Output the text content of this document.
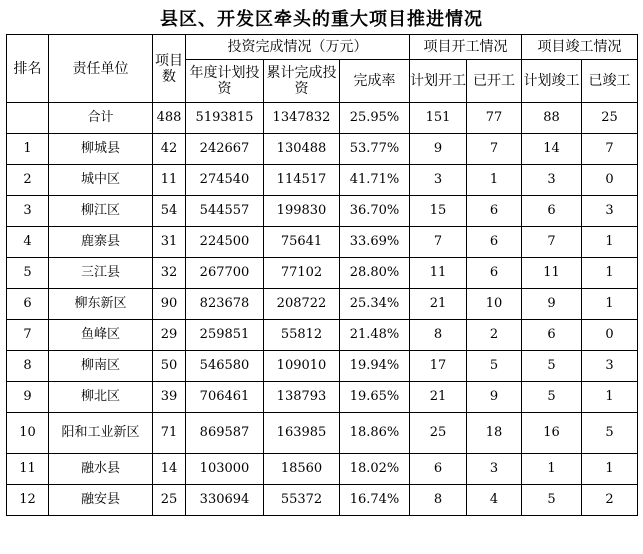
县区、开发区牵头的重大项目推进情况
排名	责任单位	项目数	投资完成情况（万元）			项目开工情况		项目竣工情况	
			年度计划投资	累计完成投资	完成率	计划开工	已开工	计划竣工	已竣工
	合计	488	5193815	1347832	25.95%	151	77	88	25
1	柳城县	42	242667	130488	53.77%	9	7	14	7
2	城中区	11	274540	114517	41.71%	3	1	3	0
3	柳江区	54	544557	199830	36.70%	15	6	6	3
4	鹿寨县	31	224500	75641	33.69%	7	6	7	1
5	三江县	32	267700	77102	28.80%	11	6	11	1
6	柳东新区	90	823678	208722	25.34%	21	10	9	1
7	鱼峰区	29	259851	55812	21.48%	8	2	6	0
8	柳南区	50	546580	109010	19.94%	17	5	5	3
9	柳北区	39	706461	138793	19.65%	21	9	5	1
10	阳和工业新区	71	869587	163985	18.86%	25	18	16	5
11	融水县	14	103000	18560	18.02%	6	3	1	1
12	融安县	25	330694	55372	16.74%	8	4	5	2
